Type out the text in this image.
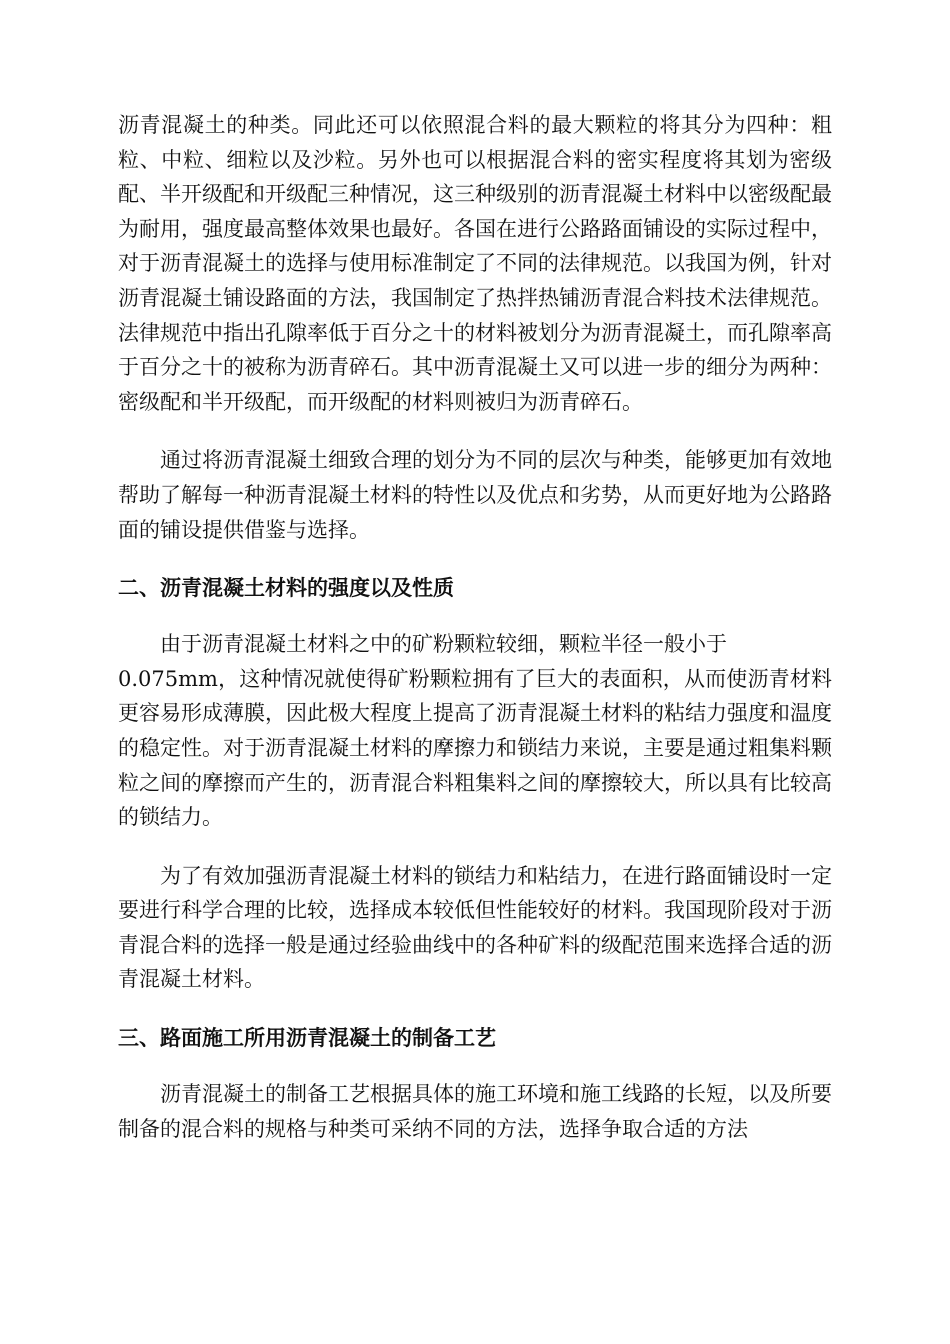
沥青混凝土的种类。同此还可以依照混合料的最大颗粒的将其分为四种：粗粒、中粒、细粒以及沙粒。另外也可以根据混合料的密实程度将其划为密级配、半开级配和开级配三种情况，这三种级别的沥青混凝土材料中以密级配最为耐用，强度最高整体效果也最好。各国在进行公路路面铺设的实际过程中，对于沥青混凝土的选择与使用标准制定了不同的法律规范。以我国为例，针对沥青混凝土铺设路面的方法，我国制定了热拌热铺沥青混合料技术法律规范。法律规范中指出孔隙率低于百分之十的材料被划分为沥青混凝土，而孔隙率高于百分之十的被称为沥青碎石。其中沥青混凝土又可以进一步的细分为两种：密级配和半开级配，而开级配的材料则被归为沥青碎石。

通过将沥青混凝土细致合理的划分为不同的层次与种类，能够更加有效地帮助了解每一种沥青混凝土材料的特性以及优点和劣势，从而更好地为公路路面的铺设提供借鉴与选择。

二、沥青混凝土材料的强度以及性质

由于沥青混凝土材料之中的矿粉颗粒较细，颗粒半径一般小于

0.075mm，这种情况就使得矿粉颗粒拥有了巨大的表面积，从而使沥青材料更容易形成薄膜，因此极大程度上提高了沥青混凝土材料的粘结力强度和温度的稳定性。对于沥青混凝土材料的摩擦力和锁结力来说，主要是通过粗集料颗粒之间的摩擦而产生的，沥青混合料粗集料之间的摩擦较大，所以具有比较高的锁结力。

为了有效加强沥青混凝土材料的锁结力和粘结力，在进行路面铺设时一定要进行科学合理的比较，选择成本较低但性能较好的材料。我国现阶段对于沥青混合料的选择一般是通过经验曲线中的各种矿料的级配范围来选择合适的沥青混凝土材料。

三、路面施工所用沥青混凝土的制备工艺

沥青混凝土的制备工艺根据具体的施工环境和施工线路的长短，以及所要制备的混合料的规格与种类可采纳不同的方法，选择争取合适的方法
